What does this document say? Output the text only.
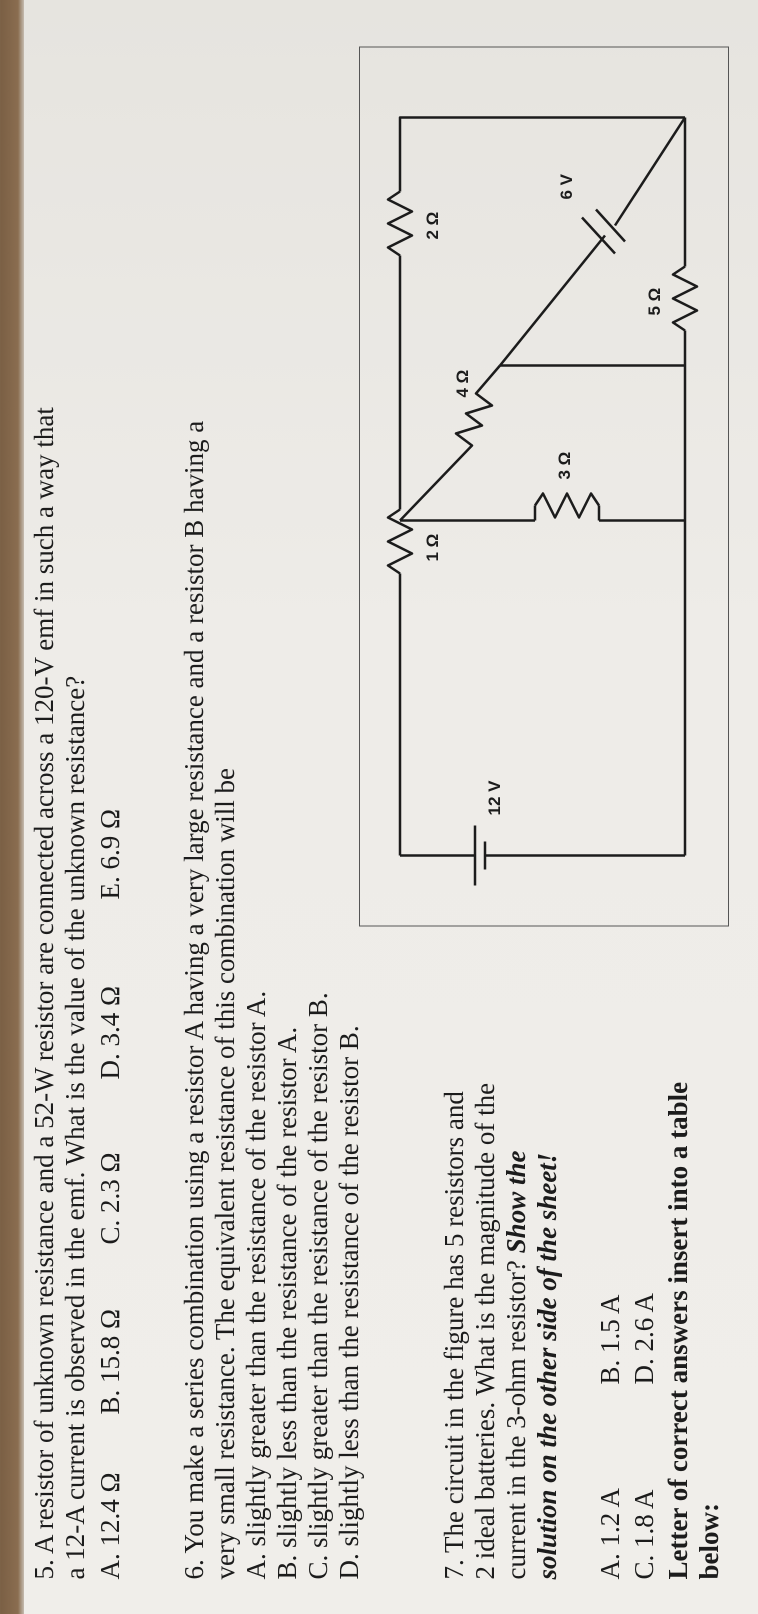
5. A resistor of unknown resistance and a 52-W resistor are connected across a 120-V emf in such a way that a 12-A current is observed in the emf. What is the value of the unknown resistance? A. 12.4 Ω
B. 15.8 Ω
C. 2.3 Ω
D. 3.4 Ω
E. 6.9 Ω 6. You make a series combination using a resistor A having a very large resistance and a resistor B having a very small resistance. The equivalent resistance of this combination will be A. slightly greater than the resistance of the resistor A. B. slightly less than the resistance of the resistor A. C. slightly greater than the resistance of the resistor B. D. slightly less than the resistance of the resistor B.	7. The circuit in the figure has 5 resistors and 2 ideal batteries. What is the magnitude of the current in the 3-ohm resistor? Show the solution on the other side of the sheet! A. 1.2 A
B. 1.5 A
C. 1.8 A
D. 2.6 A Letter of correct answers insert into a table below:
12 V
1 Ω
2 Ω
3 Ω
4 Ω
5 Ω
6 V
